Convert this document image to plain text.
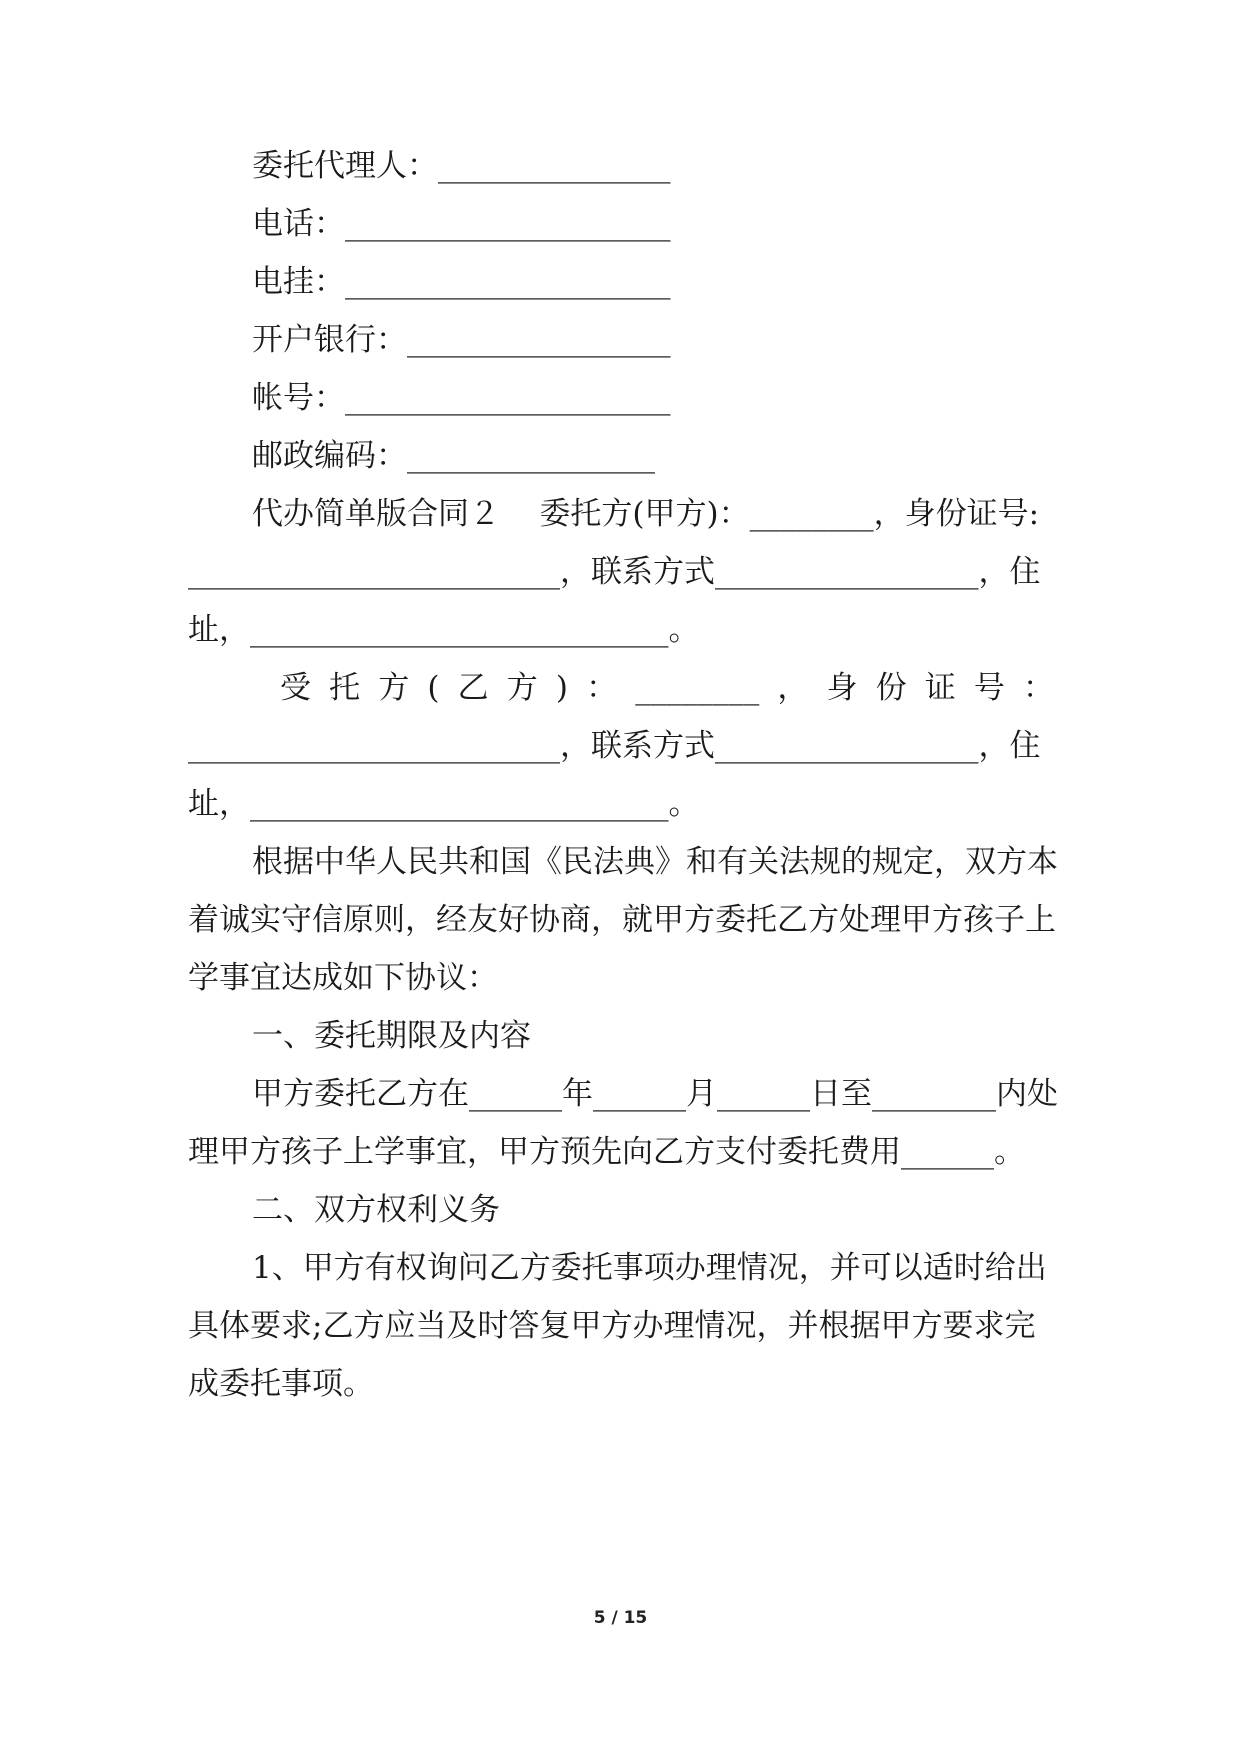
委托代理人：_______________
电话：_____________________
电挂：_____________________
开户银行：_________________
帐号：_____________________
邮政编码：________________
代办简单版合同２    委托方(甲方)：________，身份证号:
________________________，联系方式_________________，住
址，___________________________。
受托方(乙方)：________，身份证号：
________________________，联系方式_________________，住
址，___________________________。
根据中华人民共和国《民法典》和有关法规的规定，双方本
着诚实守信原则，经友好协商，就甲方委托乙方处理甲方孩子上
学事宜达成如下协议：
一、委托期限及内容
甲方委托乙方在______年______月______日至________内处
理甲方孩子上学事宜，甲方预先向乙方支付委托费用______。
二、双方权利义务
1、甲方有权询问乙方委托事项办理情况，并可以适时给出
具体要求;乙方应当及时答复甲方办理情况，并根据甲方要求完
成委托事项。
5 / 15
